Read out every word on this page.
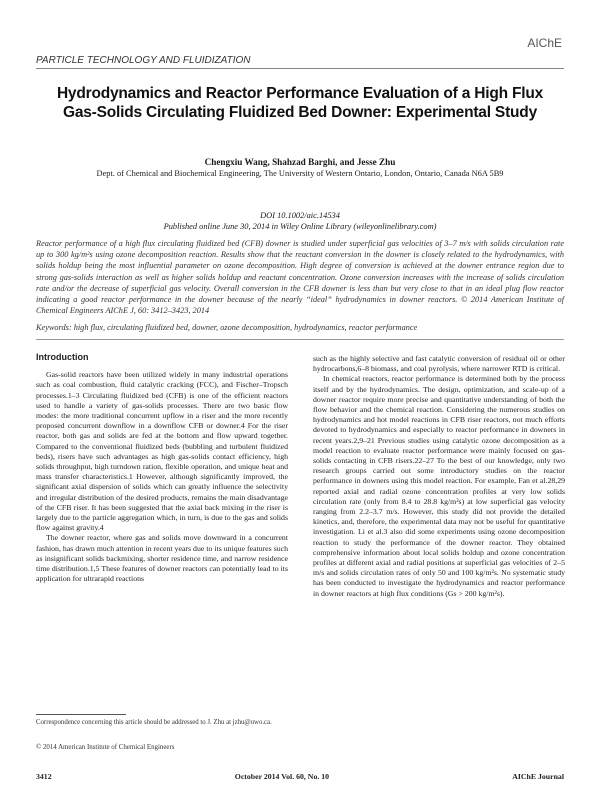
AIChE
PARTICLE TECHNOLOGY AND FLUIDIZATION
Hydrodynamics and Reactor Performance Evaluation of a High Flux Gas-Solids Circulating Fluidized Bed Downer: Experimental Study
Chengxiu Wang, Shahzad Barghi, and Jesse Zhu
Dept. of Chemical and Biochemical Engineering, The University of Western Ontario, London, Ontario, Canada N6A 5B9
DOI 10.1002/aic.14534
Published online June 30, 2014 in Wiley Online Library (wileyonlinelibrary.com)
Reactor performance of a high flux circulating fluidized bed (CFB) downer is studied under superficial gas velocities of 3–7 m/s with solids circulation rate up to 300 kg/m²s using ozone decomposition reaction. Results show that the reactant conversion in the downer is closely related to the hydrodynamics, with solids holdup being the most influential parameter on ozone decomposition. High degree of conversion is achieved at the downer entrance region due to strong gas-solids interaction as well as higher solids holdup and reactant concentration. Ozone conversion increases with the increase of solids circulation rate and/or the decrease of superficial gas velocity. Overall conversion in the CFB downer is less than but very close to that in an ideal plug flow reactor indicating a good reactor performance in the downer because of the nearly “ideal” hydrodynamics in downer reactors. © 2014 American Institute of Chemical Engineers AIChE J, 60: 3412–3423, 2014
Keywords: high flux, circulating fluidized bed, downer, ozone decomposition, hydrodynamics, reactor performance
Introduction

Gas-solid reactors have been utilized widely in many industrial operations such as coal combustion, fluid catalytic cracking (FCC), and Fischer–Tropsch processes.1–3 Circulating fluidized bed (CFB) is one of the efficient reactors used to handle a variety of gas-solids processes. There are two basic flow modes: the more traditional concurrent upflow in a riser and the more recently proposed concurrent downflow in a downflow CFB or downer.4 For the riser reactor, both gas and solids are fed at the bottom and flow upward together. Compared to the conventional fluidized beds (bubbling and turbulent fluidized beds), risers have such advantages as high gas-solids contact efficiency, high solids throughput, high turndown ration, flexible operation, and unique heat and mass transfer characteristics.1 However, although significantly improved, the significant axial dispersion of solids which can greatly influence the selectivity and irregular distribution of the desired products, remains the main disadvantage of the CFB riser. It has been suggested that the axial back mixing in the riser is largely due to the particle aggregation which, in turn, is due to the gas and solids flow against gravity.4

The downer reactor, where gas and solids move downward in a concurrent fashion, has drawn much attention in recent years due to its unique features such as insignificant solids backmixing, shorter residence time, and narrow residence time distribution.1,5 These features of downer reactors can potentially lead to its application for ultrarapid reactions

such as the highly selective and fast catalytic conversion of residual oil or other hydrocarbons,6–8 biomass, and coal pyrolysis, where narrower RTD is critical.

In chemical reactors, reactor performance is determined both by the process itself and by the hydrodynamics. The design, optimization, and scale-up of a downer reactor require more precise and quantitative understanding of both the flow behavior and the chemical reaction. Considering the numerous studies on hydrodynamics and hot model reactions in CFB riser reactors, not much efforts devoted to hydrodynamics and especially to reactor performance in downers in recent years.2,9–21 Previous studies using catalytic ozone decomposition as a model reaction to evaluate reactor performance were mainly focused on gas-solids contacting in CFB risers.22–27 To the best of our knowledge, only two research groups carried out some introductory studies on the reactor performance in downers using this model reaction. For example, Fan et al.28,29 reported axial and radial ozone concentration profiles at very low solids circulation rate (only from 8.4 to 28.8 kg/m²s) at low superficial gas velocity ranging from 2.2–3.7 m/s. However, this study did not provide the detailed kinetics, and, therefore, the experimental data may not be useful for quantitative investigation. Li et al.3 also did some experiments using ozone decomposition reaction to study the performance of the downer reactor. They obtained comprehensive information about local solids holdup and ozone concentration profiles at different axial and radial positions at superficial gas velocities of 2–5 m/s and solids circulation rates of only 50 and 100 kg/m²s. No systematic study has been conducted to investigate the hydrodynamics and reactor performance in downer reactors at high flux conditions (Gs > 200 kg/m²s).

Correspondence concerning this article should be addressed to J. Zhu at jzhu@uwo.ca.
© 2014 American Institute of Chemical Engineers
3412	October 2014 Vol. 60, No. 10	AIChE Journal
